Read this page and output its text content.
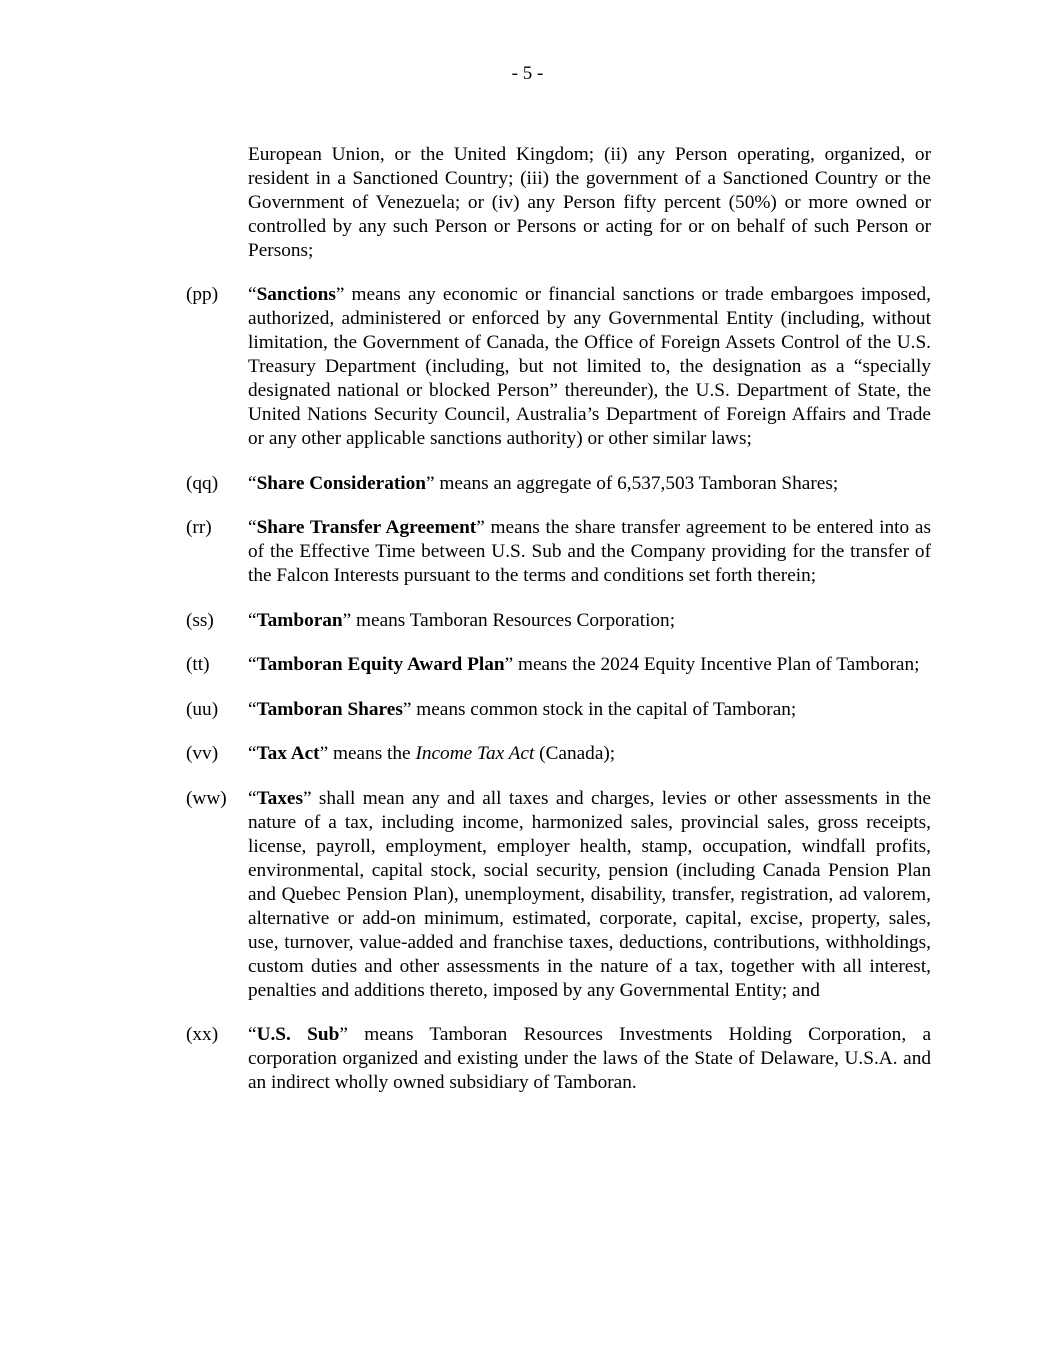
- 5 -

European Union, or the United Kingdom; (ii) any Person operating, organized, or resident in a Sanctioned Country; (iii) the government of a Sanctioned Country or the Government of Venezuela; or (iv) any Person fifty percent (50%) or more owned or controlled by any such Person or Persons or acting for or on behalf of such Person or Persons;

(pp)	“Sanctions” means any economic or financial sanctions or trade embargoes imposed, authorized, administered or enforced by any Governmental Entity (including, without limitation, the Government of Canada, the Office of Foreign Assets Control of the U.S. Treasury Department (including, but not limited to, the designation as a “specially designated national or blocked Person” thereunder), the U.S. Department of State, the United Nations Security Council, Australia’s Department of Foreign Affairs and Trade or any other applicable sanctions authority) or other similar laws;
(qq)	“Share Consideration” means an aggregate of 6,537,503 Tamboran Shares;
(rr)	“Share Transfer Agreement” means the share transfer agreement to be entered into as of the Effective Time between U.S. Sub and the Company providing for the transfer of the Falcon Interests pursuant to the terms and conditions set forth therein;
(ss)	“Tamboran” means Tamboran Resources Corporation;
(tt)	“Tamboran Equity Award Plan” means the 2024 Equity Incentive Plan of Tamboran;
(uu)	“Tamboran Shares” means common stock in the capital of Tamboran;
(vv)	“Tax Act” means the Income Tax Act (Canada);
(ww)	“Taxes” shall mean any and all taxes and charges, levies or other assessments in the nature of a tax, including income, harmonized sales, provincial sales, gross receipts, license, payroll, employment, employer health, stamp, occupation, windfall profits, environmental, capital stock, social security, pension (including Canada Pension Plan and Quebec Pension Plan), unemployment, disability, transfer, registration, ad valorem, alternative or add-on minimum, estimated, corporate, capital, excise, property, sales, use, turnover, value-added and franchise taxes, deductions, contributions, withholdings, custom duties and other assessments in the nature of a tax, together with all interest, penalties and additions thereto, imposed by any Governmental Entity; and
(xx)	“U.S. Sub” means Tamboran Resources Investments Holding Corporation, a corporation organized and existing under the laws of the State of Delaware, U.S.A. and an indirect wholly owned subsidiary of Tamboran.
